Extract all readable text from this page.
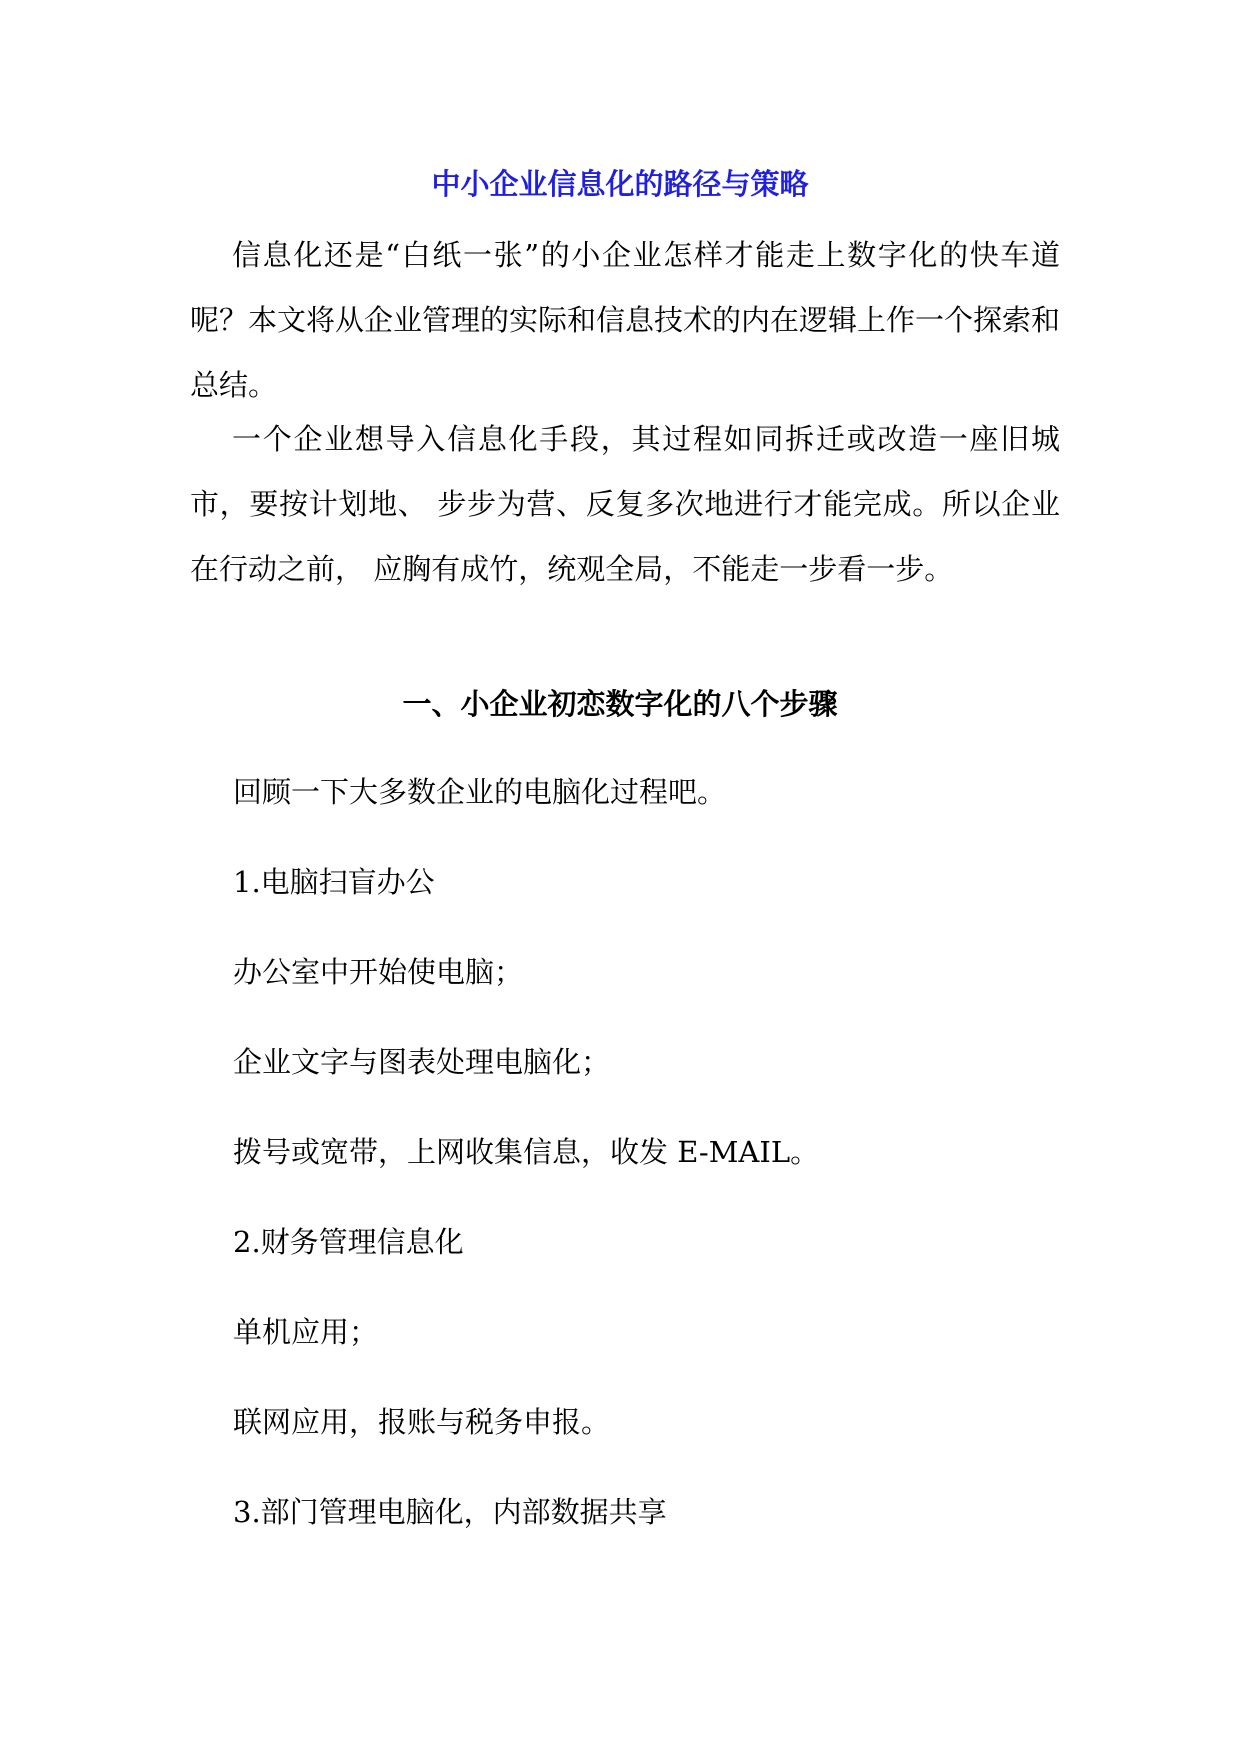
中小企业信息化的路径与策略
信息化还是“白纸一张”的小企业怎样才能走上数字化的快车道呢？本文将从企业管理的实际和信息技术的内在逻辑上作一个探索和总结。
一个企业想导入信息化手段，其过程如同拆迁或改造一座旧城市，要按计划地、 步步为营、反复多次地进行才能完成。所以企业在行动之前， 应胸有成竹，统观全局，不能走一步看一步。
一、小企业初恋数字化的八个步骤
回顾一下大多数企业的电脑化过程吧。
1.电脑扫盲办公
办公室中开始使电脑；
企业文字与图表处理电脑化；
拨号或宽带，上网收集信息，收发 E-MAIL。
2.财务管理信息化
单机应用；
联网应用，报账与税务申报。
3.部门管理电脑化，内部数据共享
